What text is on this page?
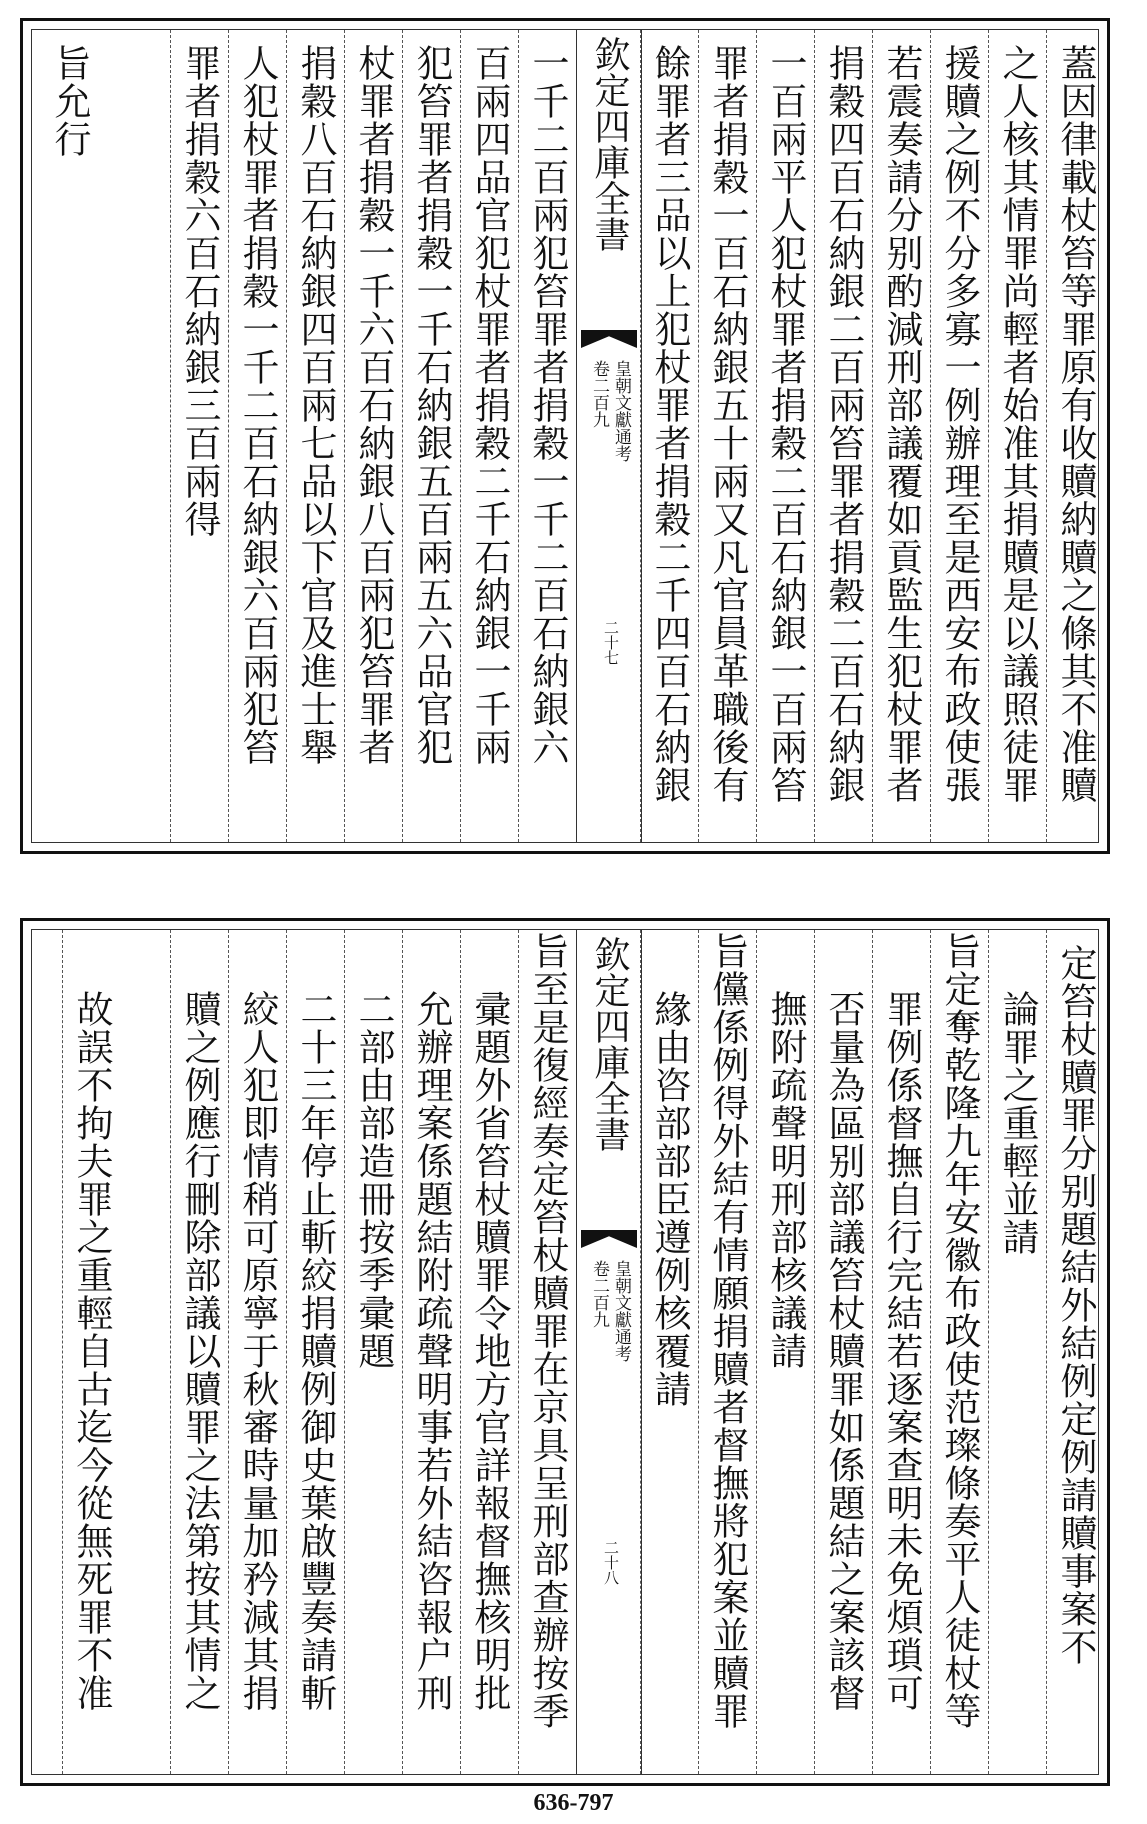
蓋因律載杖笞等罪原有收贖納贖之條其不准贖
之人核其情罪尚輕者始准其捐贖是以議照徒罪
援贖之例不分多寡一例辦理至是西安布政使張
若震奏請分别酌減刑部議覆如貢監生犯杖罪者
捐穀四百石納銀二百兩笞罪者捐穀二百石納銀
一百兩平人犯杖罪者捐穀二百石納銀一百兩笞
罪者捐穀一百石納銀五十兩又凡官員革職後有
餘罪者三品以上犯杖罪者捐穀二千四百石納銀
欽定四庫全書
皇朝文獻通考
卷二百九
二十七
一千二百兩犯笞罪者捐穀一千二百石納銀六
百兩四品官犯杖罪者捐穀二千石納銀一千兩
犯笞罪者捐穀一千石納銀五百兩五六品官犯
杖罪者捐穀一千六百石納銀八百兩犯笞罪者
捐穀八百石納銀四百兩七品以下官及進士舉
人犯杖罪者捐穀一千二百石納銀六百兩犯笞
罪者捐穀六百石納銀三百兩得
旨允行
定笞杖贖罪分别題結外結例定例請贖事案不
論罪之重輕並請
旨定奪乾隆九年安徽布政使范璨條奏平人徒杖等
罪例係督撫自行完結若逐案查明未免煩瑣可
否量為區别部議笞杖贖罪如係題結之案該督
撫附疏聲明刑部核議請
旨儻係例得外結有情願捐贖者督撫將犯案並贖罪
緣由咨部部臣遵例核覆請
欽定四庫全書
皇朝文獻通考
卷二百九
二十八
旨至是復經奏定笞杖贖罪在京具呈刑部查辦按季
彚題外省笞杖贖罪令地方官詳報督撫核明批
允辦理案係題結附疏聲明事若外結咨報户刑
二部由部造冊按季彚題
二十三年停止斬絞捐贖例御史葉啟豐奏請斬
絞人犯即情稍可原寧于秋審時量加矜減其捐
贖之例應行刪除部議以贖罪之法第按其情之
故誤不拘夫罪之重輕自古迄今從無死罪不准
636-797
